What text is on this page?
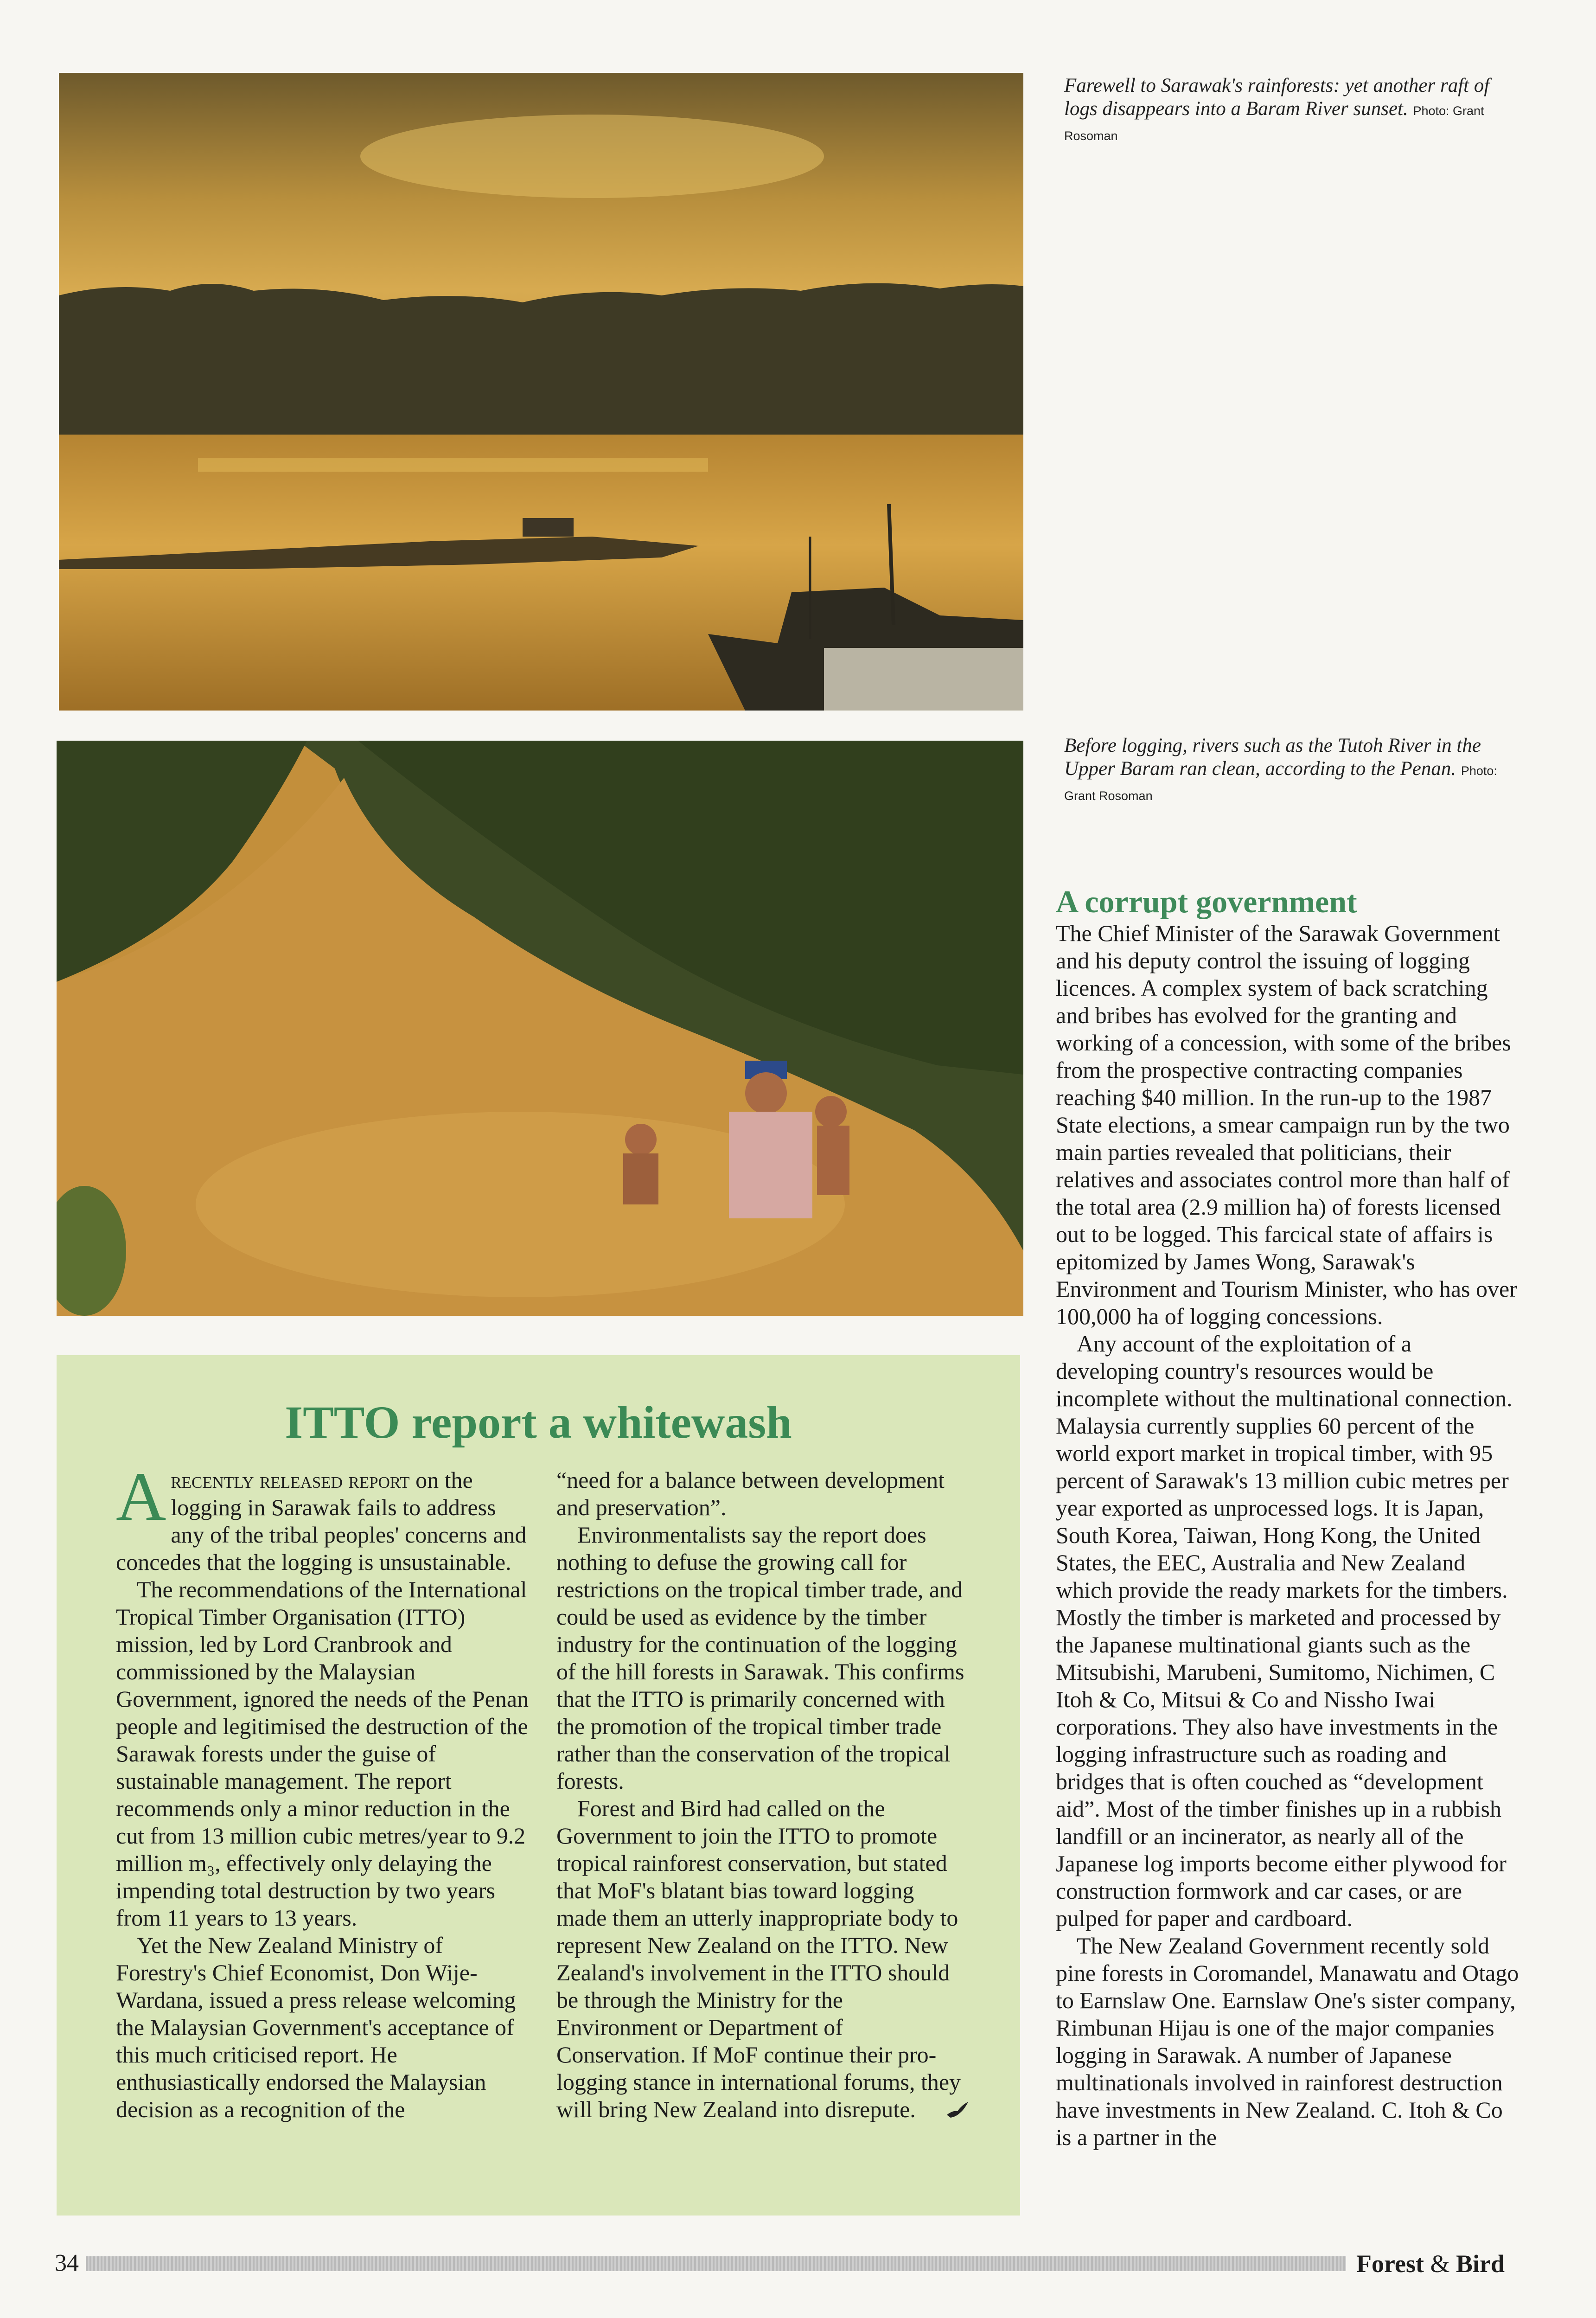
Farewell to Sarawak's rainforests: yet another raft of logs disappears into a Baram River sunset. Photo: Grant Rosoman
Before logging, rivers such as the Tutoh River in the Upper Baram ran clean, according to the Penan. Photo: Grant Rosoman
A corrupt government

The Chief Minister of the Sarawak Government and his deputy control the issuing of logging licences. A complex system of back scratching and bribes has evolved for the granting and working of a concession, with some of the bribes from the prospective contracting companies reaching $40 million. In the run-up to the 1987 State elections, a smear campaign run by the two main parties revealed that politicians, their relatives and associates control more than half of the total area (2.9 million ha) of forests licensed out to be logged. This farcical state of affairs is epitomized by James Wong, Sarawak's Environment and Tourism Minister, who has over 100,000 ha of logging concessions.

Any account of the exploitation of a developing country's resources would be incomplete without the multinational connection. Malaysia currently supplies 60 percent of the world export market in tropical timber, with 95 percent of Sarawak's 13 million cubic metres per year exported as unprocessed logs. It is Japan, South Korea, Taiwan, Hong Kong, the United States, the EEC, Australia and New Zealand which provide the ready markets for the timbers. Mostly the timber is marketed and processed by the Japanese multinational giants such as the Mitsubishi, Marubeni, Sumitomo, Nichimen, C Itoh & Co, Mitsui & Co and Nissho Iwai corporations. They also have investments in the logging infrastructure such as roading and bridges that is often couched as “development aid”. Most of the timber finishes up in a rubbish landfill or an incinerator, as nearly all of the Japanese log imports become either plywood for construction formwork and car cases, or are pulped for paper and cardboard.

The New Zealand Government recently sold pine forests in Coromandel, Manawatu and Otago to Earnslaw One. Earnslaw One's sister company, Rimbunan Hijau is one of the major companies logging in Sarawak. A number of Japanese multinationals involved in rainforest destruction have investments in New Zealand. C. Itoh & Co is a partner in the

ITTO report a whitewash

Arecently released report on the logging in Sarawak fails to address any of the tribal peoples' concerns and concedes that the logging is unsustainable.

The recommendations of the International Tropical Timber Organisation (ITTO) mission, led by Lord Cranbrook and commissioned by the Malaysian Government, ignored the needs of the Penan people and legitimised the destruction of the Sarawak forests under the guise of sustainable management. The report recommends only a minor reduction in the cut from 13 million cubic metres/year to 9.2 million m₃, effectively only delaying the impending total destruction by two years from 11 years to 13 years.

Yet the New Zealand Ministry of Forestry's Chief Economist, Don Wije-Wardana, issued a press release welcoming the Malaysian Government's acceptance of this much criticised report. He enthusiastically endorsed the Malaysian decision as a recognition of the

“need for a balance between development and preservation”.

Environmentalists say the report does nothing to defuse the growing call for restrictions on the tropical timber trade, and could be used as evidence by the timber industry for the continuation of the logging of the hill forests in Sarawak. This confirms that the ITTO is primarily concerned with the promotion of the tropical timber trade rather than the conservation of the tropical forests.

Forest and Bird had called on the Government to join the ITTO to promote tropical rainforest conservation, but stated that MoF's blatant bias toward logging made them an utterly inappropriate body to represent New Zealand on the ITTO. New Zealand's involvement in the ITTO should be through the Ministry for the Environment or Department of Conservation. If MoF continue their pro-logging stance in international forums, they will bring New Zealand into disrepute.

34	Forest & Bird
